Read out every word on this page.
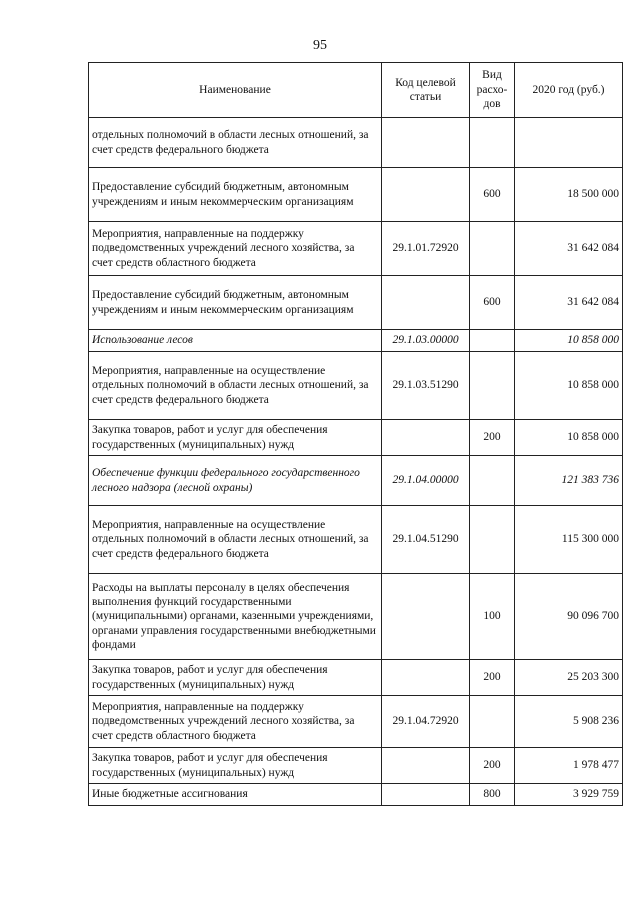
95
Наименование	Код целевой статьи	Вид расхо-дов	2020 год (руб.)
отдельных полномочий в области лесных отношений, за счет средств федерального бюджета			
Предоставление субсидий бюджетным, автономным учреждениям и иным некоммерческим организациям		600	18 500 000
Мероприятия, направленные на поддержку подведомственных учреждений лесного хозяйства, за счет средств областного бюджета	29.1.01.72920		31 642 084
Предоставление субсидий бюджетным, автономным учреждениям и иным некоммерческим организациям		600	31 642 084
Использование лесов	29.1.03.00000		10 858 000
Мероприятия, направленные на осуществление отдельных полномочий в области лесных отношений, за счет средств федерального бюджета	29.1.03.51290		10 858 000
Закупка товаров, работ и услуг для обеспечения государственных (муниципальных) нужд		200	10 858 000
Обеспечение функции федерального государственного лесного надзора (лесной охраны)	29.1.04.00000		121 383 736
Мероприятия, направленные на осуществление отдельных полномочий в области лесных отношений, за счет средств федерального бюджета	29.1.04.51290		115 300 000
Расходы на выплаты персоналу в целях обеспечения выполнения функций государственными (муниципальными) органами, казенными учреждениями, органами управления государственными внебюджетными фондами		100	90 096 700
Закупка товаров, работ и услуг для обеспечения государственных (муниципальных) нужд		200	25 203 300
Мероприятия, направленные на поддержку подведомственных учреждений лесного хозяйства, за счет средств областного бюджета	29.1.04.72920		5 908 236
Закупка товаров, работ и услуг для обеспечения государственных (муниципальных) нужд		200	1 978 477
Иные бюджетные ассигнования		800	3 929 759
